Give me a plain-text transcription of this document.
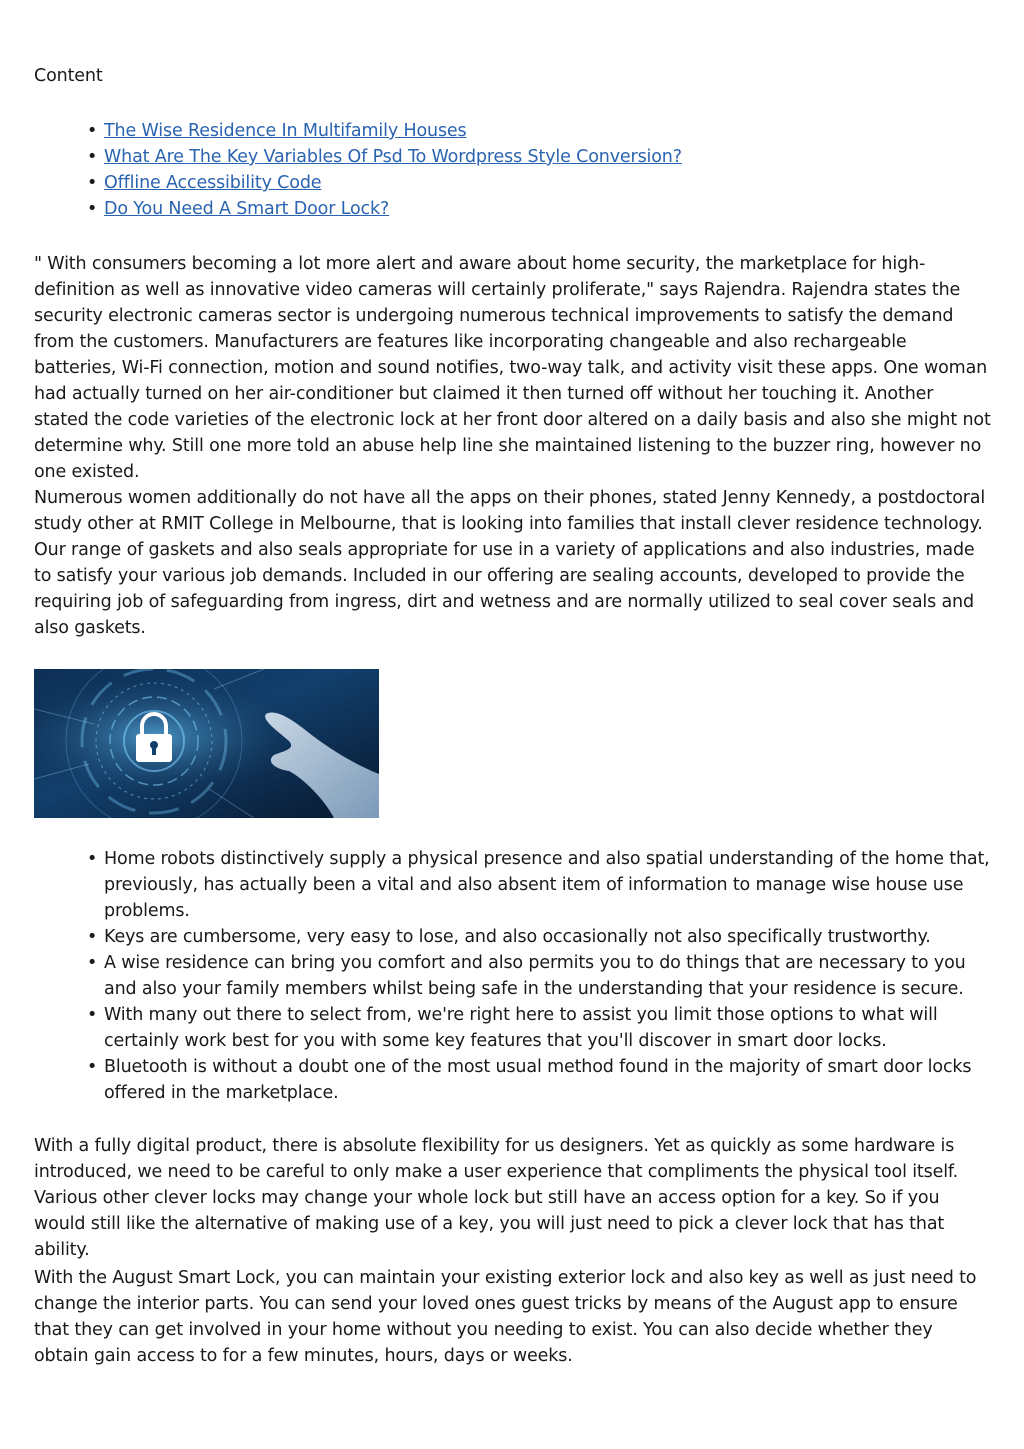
Content
• The Wise Residence In Multifamily Houses
• What Are The Key Variables Of Psd To Wordpress Style Conversion?
• Offline Accessibility Code
• Do You Need A Smart Door Lock?

" With consumers becoming a lot more alert and aware about home security, the marketplace for high-definition as well as innovative video cameras will certainly proliferate," says Rajendra. Rajendra states the security electronic cameras sector is undergoing numerous technical improvements to satisfy the demand from the customers. Manufacturers are features like incorporating changeable and also rechargeable batteries, Wi-Fi connection, motion and sound notifies, two-way talk, and activity visit these apps. One woman had actually turned on her air-conditioner but claimed it then turned off without her touching it. Another stated the code varieties of the electronic lock at her front door altered on a daily basis and also she might not determine why. Still one more told an abuse help line she maintained listening to the buzzer ring, however no one existed.

Numerous women additionally do not have all the apps on their phones, stated Jenny Kennedy, a postdoctoral study other at RMIT College in Melbourne, that is looking into families that install clever residence technology. Our range of gaskets and also seals appropriate for use in a variety of applications and also industries, made to satisfy your various job demands. Included in our offering are sealing accounts, developed to provide the requiring job of safeguarding from ingress, dirt and wetness and are normally utilized to seal cover seals and also gaskets.

• Home robots distinctively supply a physical presence and also spatial understanding of the home that, previously, has actually been a vital and also absent item of information to manage wise house use problems.
• Keys are cumbersome, very easy to lose, and also occasionally not also specifically trustworthy.
• A wise residence can bring you comfort and also permits you to do things that are necessary to you and also your family members whilst being safe in the understanding that your residence is secure.
• With many out there to select from, we're right here to assist you limit those options to what will certainly work best for you with some key features that you'll discover in smart door locks.
• Bluetooth is without a doubt one of the most usual method found in the majority of smart door locks offered in the marketplace.

With a fully digital product, there is absolute flexibility for us designers. Yet as quickly as some hardware is introduced, we need to be careful to only make a user experience that compliments the physical tool itself. Various other clever locks may change your whole lock but still have an access option for a key. So if you would still like the alternative of making use of a key, you will just need to pick a clever lock that has that ability.

With the August Smart Lock, you can maintain your existing exterior lock and also key as well as just need to change the interior parts. You can send your loved ones guest tricks by means of the August app to ensure that they can get involved in your home without you needing to exist. You can also decide whether they obtain gain access to for a few minutes, hours, days or weeks.
